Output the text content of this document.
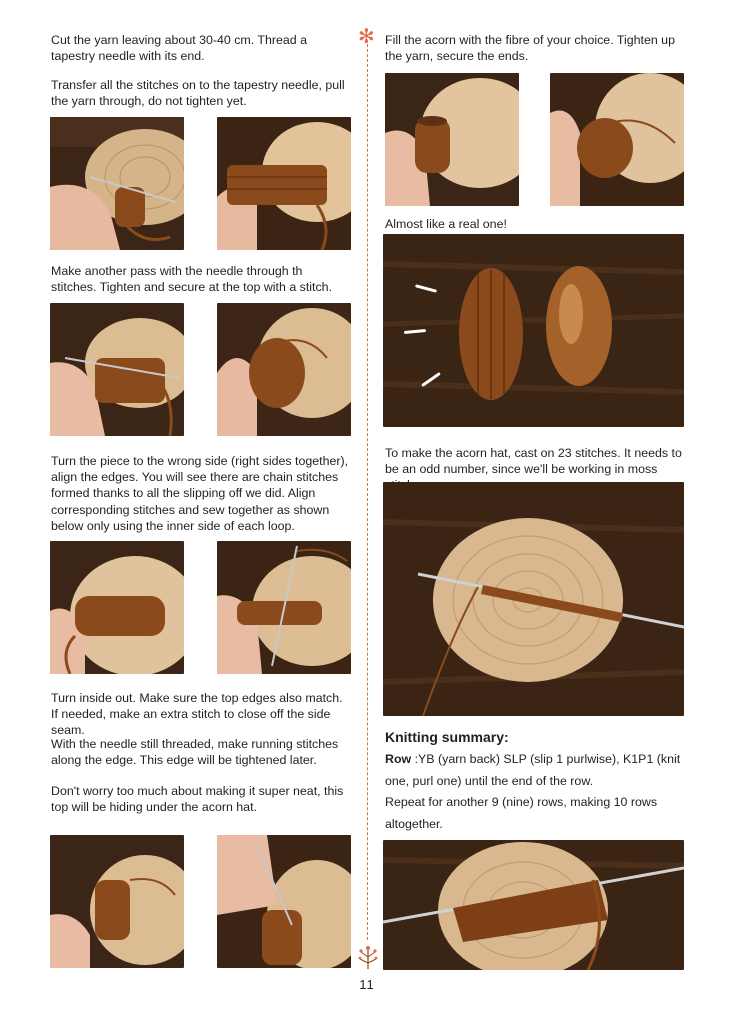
Cut the yarn leaving about 30-40 cm. Thread a tapestry needle with its end.

Transfer all the stitches on to the tapestry needle, pull the yarn through, do not tighten yet.

Make another pass with the needle through th stitches. Tighten and secure at the top with a stitch.

Turn the piece to the wrong side (right sides together), align the edges. You will see there are chain stitches formed thanks to all the slipping off we did. Align corresponding stitches and sew together as shown below only using the inner side of each loop.

Turn inside out. Make sure the top edges also match. If needed, make an extra stitch to close off the side seam.

With the needle still threaded, make running stitches along the edge. This edge will be tightened later.

Don't worry too much about making it super neat, this top will be hiding under the acorn hat.

✻
11

Fill the acorn with the fibre of your choice. Tighten up the yarn, secure the ends.

Almost like a real one!

To make the acorn hat, cast on 23 stitches. It needs to be an odd number, since we'll be working in moss

Knitting summary:

Row :YB (yarn back) SLP (slip 1 purlwise), K1P1 (knit one, purl one) until the end of the row.

Repeat for another 9 (nine) rows, making 10 rows altogether.
